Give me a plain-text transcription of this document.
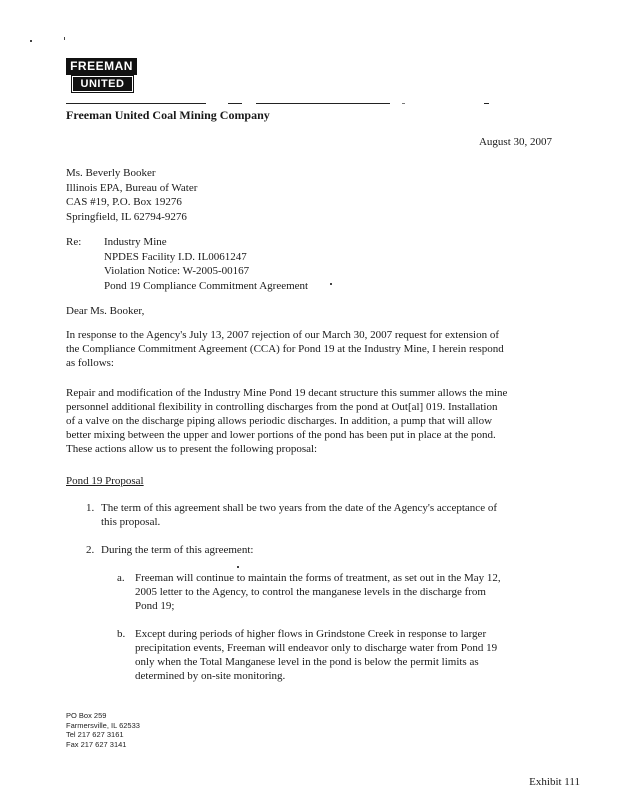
FREEMAN
UNITED
Freeman United Coal Mining Company
August 30, 2007
Ms. Beverly Booker
Illinois EPA, Bureau of Water
CAS #19, P.O. Box 19276
Springfield, IL 62794-9276
Re: Industry Mine
NPDES Facility I.D. IL0061247
Violation Notice: W-2005-00167
Pond 19 Compliance Commitment Agreement
Dear Ms. Booker,
In response to the Agency's July 13, 2007 rejection of our March 30, 2007 request for extension of
the Compliance Commitment Agreement (CCA) for Pond 19 at the Industry Mine, I herein respond
as follows:
Repair and modification of the Industry Mine Pond 19 decant structure this summer allows the mine
personnel additional flexibility in controlling discharges from the pond at Out[al] 019. Installation
of a valve on the discharge piping allows periodic discharges. In addition, a pump that will allow
better mixing between the upper and lower portions of the pond has been put in place at the pond.
These actions allow us to present the following proposal:
Pond 19 Proposal
1. The term of this agreement shall be two years from the date of the Agency's acceptance of
this proposal.
2. During the term of this agreement:
a. Freeman will continue to maintain the forms of treatment, as set out in the May 12,
2005 letter to the Agency, to control the manganese levels in the discharge from
Pond 19;
b. Except during periods of higher flows in Grindstone Creek in response to larger
precipitation events, Freeman will endeavor only to discharge water from Pond 19
only when the Total Manganese level in the pond is below the permit limits as
determined by on-site monitoring.
PO Box 259
Farmersville, IL 62533
Tel 217 627 3161
Fax 217 627 3141
Exhibit 111
